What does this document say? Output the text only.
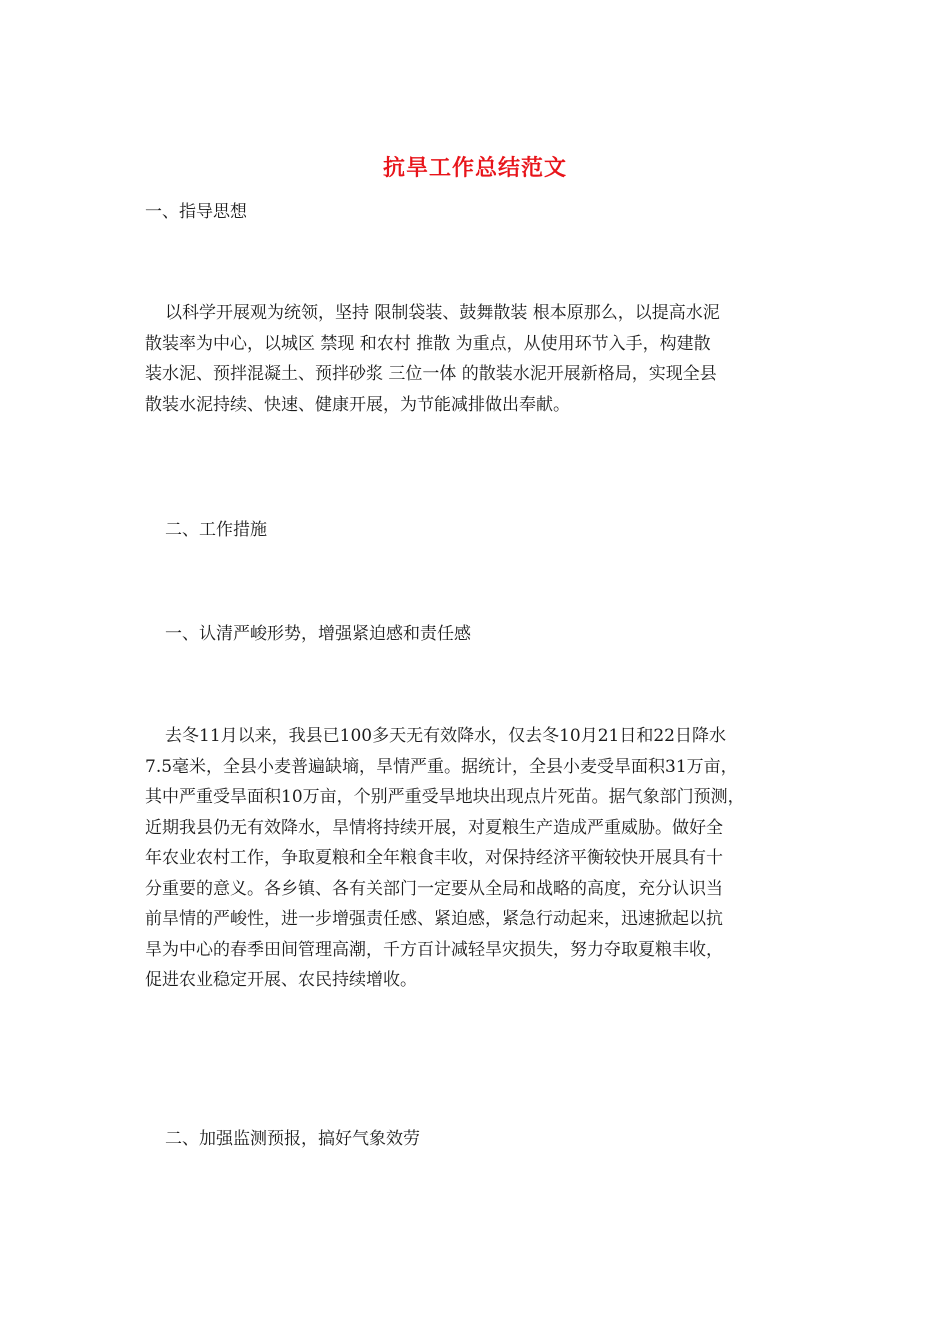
抗旱工作总结范文
一、指导思想
以科学开展观为统领，坚持 限制袋装、鼓舞散装 根本原那么，以提高水泥
散装率为中心，以城区 禁现 和农村 推散 为重点，从使用环节入手，构建散
装水泥、预拌混凝土、预拌砂浆 三位一体 的散装水泥开展新格局，实现全县
散装水泥持续、快速、健康开展，为节能减排做出奉献。
二、工作措施
一、认清严峻形势，增强紧迫感和责任感
去冬11月以来，我县已100多天无有效降水，仅去冬10月21日和22日降水
7.5毫米，全县小麦普遍缺墒，旱情严重。据统计，全县小麦受旱面积31万亩，
其中严重受旱面积10万亩，个别严重受旱地块出现点片死苗。据气象部门预测，
近期我县仍无有效降水，旱情将持续开展，对夏粮生产造成严重威胁。做好全
年农业农村工作，争取夏粮和全年粮食丰收，对保持经济平衡较快开展具有十
分重要的意义。各乡镇、各有关部门一定要从全局和战略的高度，充分认识当
前旱情的严峻性，进一步增强责任感、紧迫感，紧急行动起来，迅速掀起以抗
旱为中心的春季田间管理高潮，千方百计减轻旱灾损失，努力夺取夏粮丰收，
促进农业稳定开展、农民持续增收。
二、加强监测预报，搞好气象效劳
